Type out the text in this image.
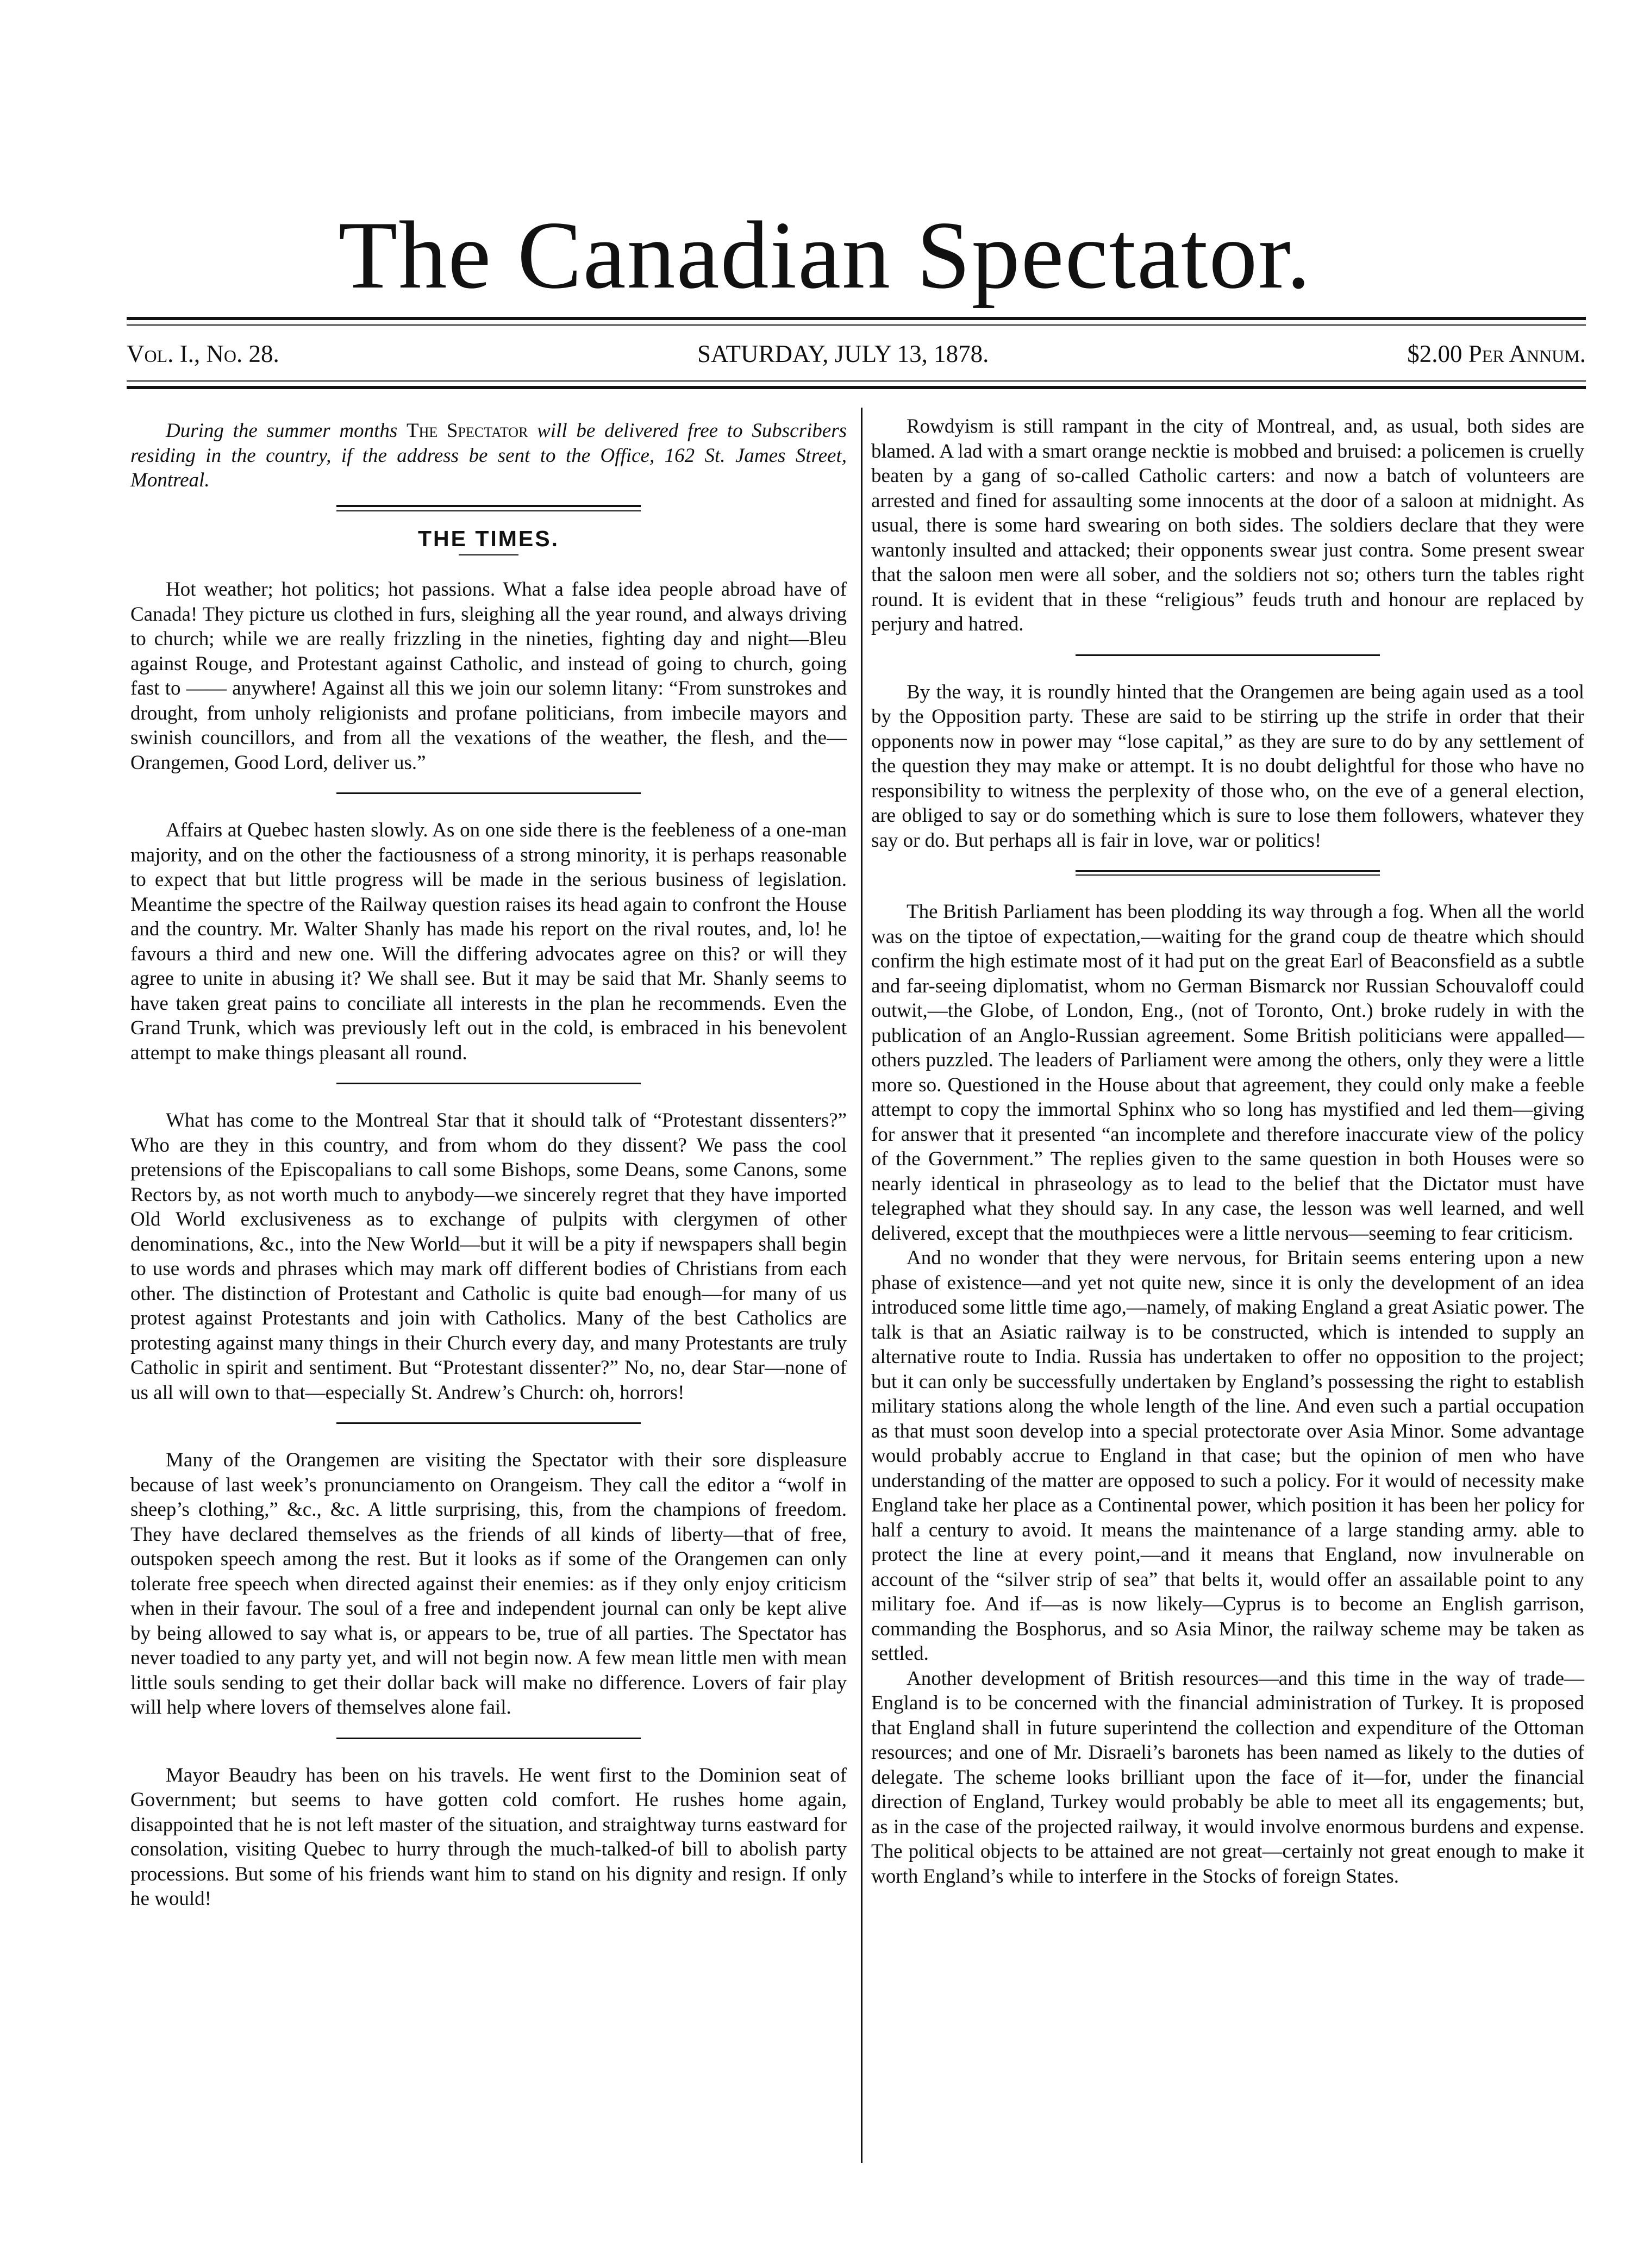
The Canadian Spectator.
Vol. I., No. 28.	SATURDAY, JULY 13, 1878.	$2.00 Per Annum.

During the summer months The Spectator will be delivered free to Subscribers residing in the country, if the address be sent to the Office, 162 St. James Street, Montreal.

THE TIMES.

Hot weather; hot politics; hot passions. What a false idea people abroad have of Canada! They picture us clothed in furs, sleighing all the year round, and always driving to church; while we are really frizzling in the nineties, fighting day and night—Bleu against Rouge, and Protestant against Catholic, and instead of going to church, going fast to —— anywhere! Against all this we join our solemn litany: “From sunstrokes and drought, from unholy religionists and profane politicians, from imbecile mayors and swinish councillors, and from all the vexations of the weather, the flesh, and the—Orangemen, Good Lord, deliver us.”

Affairs at Quebec hasten slowly. As on one side there is the feebleness of a one-man majority, and on the other the factiousness of a strong minority, it is perhaps reasonable to expect that but little progress will be made in the serious business of legislation. Meantime the spectre of the Railway question raises its head again to confront the House and the country. Mr. Walter Shanly has made his report on the rival routes, and, lo! he favours a third and new one. Will the differing advocates agree on this? or will they agree to unite in abusing it? We shall see. But it may be said that Mr. Shanly seems to have taken great pains to conciliate all interests in the plan he recommends. Even the Grand Trunk, which was previously left out in the cold, is embraced in his benevolent attempt to make things pleasant all round.

What has come to the Montreal Star that it should talk of “Protestant dissenters?” Who are they in this country, and from whom do they dissent? We pass the cool pretensions of the Episcopalians to call some Bishops, some Deans, some Canons, some Rectors by, as not worth much to anybody—we sincerely regret that they have imported Old World exclusiveness as to exchange of pulpits with clergymen of other denominations, &c., into the New World—but it will be a pity if newspapers shall begin to use words and phrases which may mark off different bodies of Christians from each other. The distinction of Protestant and Catholic is quite bad enough—for many of us protest against Protestants and join with Catholics. Many of the best Catholics are protesting against many things in their Church every day, and many Protestants are truly Catholic in spirit and sentiment. But “Protestant dissenter?” No, no, dear Star—none of us all will own to that—especially St. Andrew’s Church: oh, horrors!

Many of the Orangemen are visiting the Spectator with their sore displeasure because of last week’s pronunciamento on Orangeism. They call the editor a “wolf in sheep’s clothing,” &c., &c. A little surprising, this, from the champions of freedom. They have declared themselves as the friends of all kinds of liberty—that of free, outspoken speech among the rest. But it looks as if some of the Orangemen can only tolerate free speech when directed against their enemies: as if they only enjoy criticism when in their favour. The soul of a free and independent journal can only be kept alive by being allowed to say what is, or appears to be, true of all parties. The Spectator has never toadied to any party yet, and will not begin now. A few mean little men with mean little souls sending to get their dollar back will make no difference. Lovers of fair play will help where lovers of themselves alone fail.

Mayor Beaudry has been on his travels. He went first to the Dominion seat of Government; but seems to have gotten cold comfort. He rushes home again, disappointed that he is not left master of the situation, and straightway turns eastward for consolation, visiting Quebec to hurry through the much-talked-of bill to abolish party processions. But some of his friends want him to stand on his dignity and resign. If only he would!

Rowdyism is still rampant in the city of Montreal, and, as usual, both sides are blamed. A lad with a smart orange necktie is mobbed and bruised: a policemen is cruelly beaten by a gang of so-called Catholic carters: and now a batch of volunteers are arrested and fined for assaulting some innocents at the door of a saloon at midnight. As usual, there is some hard swearing on both sides. The soldiers declare that they were wantonly insulted and attacked; their opponents swear just contra. Some present swear that the saloon men were all sober, and the soldiers not so; others turn the tables right round. It is evident that in these “religious” feuds truth and honour are replaced by perjury and hatred.

By the way, it is roundly hinted that the Orangemen are being again used as a tool by the Opposition party. These are said to be stirring up the strife in order that their opponents now in power may “lose capital,” as they are sure to do by any settlement of the question they may make or attempt. It is no doubt delightful for those who have no responsibility to witness the perplexity of those who, on the eve of a general election, are obliged to say or do something which is sure to lose them followers, whatever they say or do. But perhaps all is fair in love, war or politics!

The British Parliament has been plodding its way through a fog. When all the world was on the tiptoe of expectation,—waiting for the grand coup de theatre which should confirm the high estimate most of it had put on the great Earl of Beaconsfield as a subtle and far-seeing diplomatist, whom no German Bismarck nor Russian Schouvaloff could outwit,—the Globe, of London, Eng., (not of Toronto, Ont.) broke rudely in with the publication of an Anglo-Russian agreement. Some British politicians were appalled—others puzzled. The leaders of Parliament were among the others, only they were a little more so. Questioned in the House about that agreement, they could only make a feeble attempt to copy the immortal Sphinx who so long has mystified and led them—giving for answer that it presented “an incomplete and therefore inaccurate view of the policy of the Government.” The replies given to the same question in both Houses were so nearly identical in phraseology as to lead to the belief that the Dictator must have telegraphed what they should say. In any case, the lesson was well learned, and well delivered, except that the mouthpieces were a little nervous—seeming to fear criticism.

And no wonder that they were nervous, for Britain seems entering upon a new phase of existence—and yet not quite new, since it is only the development of an idea introduced some little time ago,—namely, of making England a great Asiatic power. The talk is that an Asiatic railway is to be constructed, which is intended to supply an alternative route to India. Russia has undertaken to offer no opposition to the project; but it can only be successfully undertaken by England’s possessing the right to establish military stations along the whole length of the line. And even such a partial occupation as that must soon develop into a special protectorate over Asia Minor. Some advantage would probably accrue to England in that case; but the opinion of men who have understanding of the matter are opposed to such a policy. For it would of necessity make England take her place as a Continental power, which position it has been her policy for half a century to avoid. It means the maintenance of a large standing army. able to protect the line at every point,—and it means that England, now invulnerable on account of the “silver strip of sea” that belts it, would offer an assailable point to any military foe. And if—as is now likely—Cyprus is to become an English garrison, commanding the Bosphorus, and so Asia Minor, the railway scheme may be taken as settled.

Another development of British resources—and this time in the way of trade—England is to be concerned with the financial administration of Turkey. It is proposed that England shall in future superintend the collection and expenditure of the Ottoman resources; and one of Mr. Disraeli’s baronets has been named as likely to the duties of delegate. The scheme looks brilliant upon the face of it—for, under the financial direction of England, Turkey would probably be able to meet all its engagements; but, as in the case of the projected railway, it would involve enormous burdens and expense. The political objects to be attained are not great—certainly not great enough to make it worth England’s while to interfere in the Stocks of foreign States.
